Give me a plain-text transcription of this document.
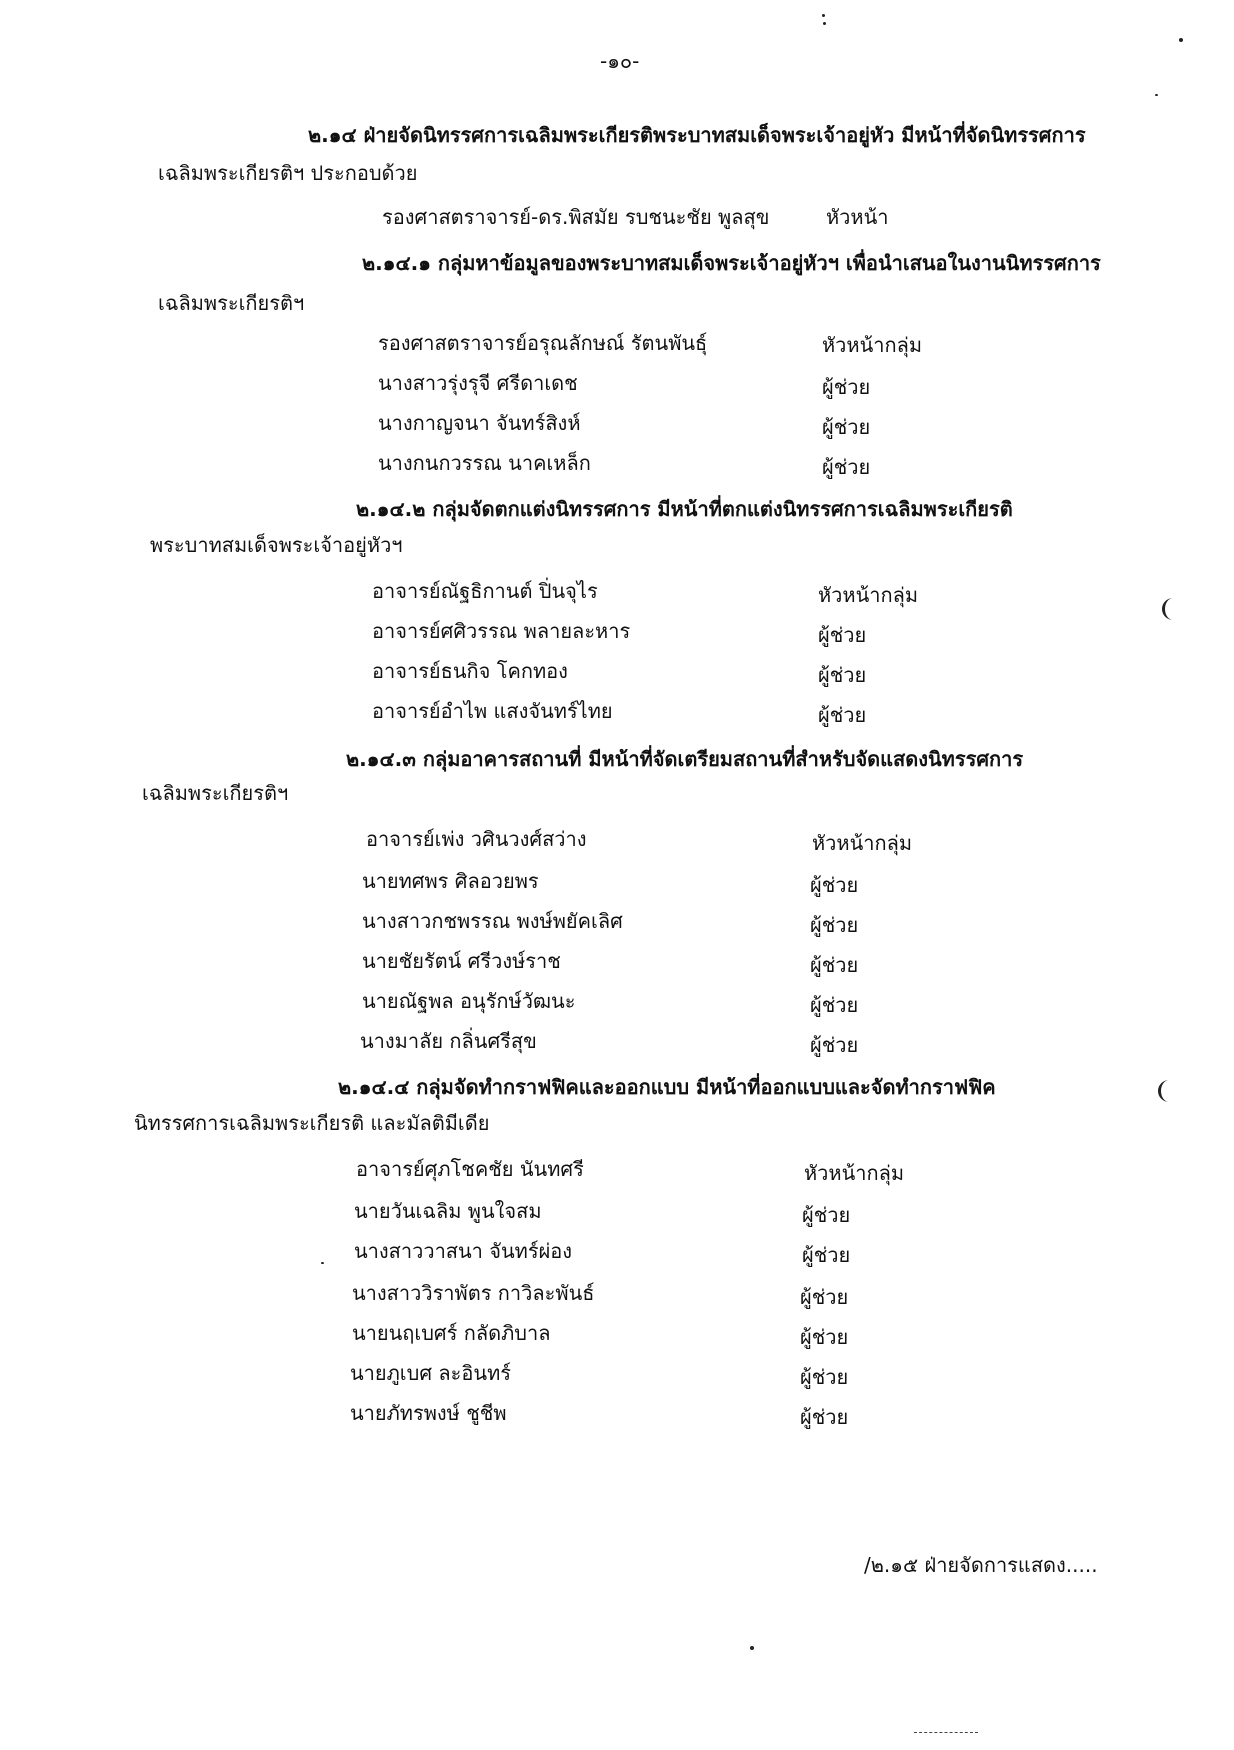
-๑๐-
๒.๑๔ ฝ่ายจัดนิทรรศการเฉลิมพระเกียรติพระบาทสมเด็จพระเจ้าอยู่หัว มีหน้าที่จัดนิทรรศการ
เฉลิมพระเกียรติฯ ประกอบด้วย
รองศาสตราจารย์-ดร.พิสมัย รบชนะชัย พูลสุข	หัวหน้า
๒.๑๔.๑ กลุ่มหาข้อมูลของพระบาทสมเด็จพระเจ้าอยู่หัวฯ เพื่อนำเสนอในงานนิทรรศการ
เฉลิมพระเกียรติฯ
รองศาสตราจารย์อรุณลักษณ์ รัตนพันธุ์	หัวหน้ากลุ่ม
นางสาวรุ่งรุจี ศรีดาเดช	ผู้ช่วย
นางกาญจนา จันทร์สิงห์	ผู้ช่วย
นางกนกวรรณ นาคเหล็ก	ผู้ช่วย
๒.๑๔.๒ กลุ่มจัดตกแต่งนิทรรศการ มีหน้าที่ตกแต่งนิทรรศการเฉลิมพระเกียรติ
พระบาทสมเด็จพระเจ้าอยู่หัวฯ
อาจารย์ณัฐธิกานต์ ปิ่นจุไร	หัวหน้ากลุ่ม
อาจารย์ศศิวรรณ พลายละหาร	ผู้ช่วย
อาจารย์ธนกิจ โคกทอง	ผู้ช่วย
อาจารย์อำไพ แสงจันทร์ไทย	ผู้ช่วย
๒.๑๔.๓ กลุ่มอาคารสถานที่ มีหน้าที่จัดเตรียมสถานที่สำหรับจัดแสดงนิทรรศการ
เฉลิมพระเกียรติฯ
อาจารย์เพ่ง วศินวงศ์สว่าง	หัวหน้ากลุ่ม
นายทศพร ศิลอวยพร	ผู้ช่วย
นางสาวกชพรรณ พงษ์พยัคเลิศ	ผู้ช่วย
นายชัยรัตน์ ศรีวงษ์ราช	ผู้ช่วย
นายณัฐพล อนุรักษ์วัฒนะ	ผู้ช่วย
นางมาลัย กลิ่นศรีสุข	ผู้ช่วย
๒.๑๔.๔ กลุ่มจัดทำกราฟฟิคและออกแบบ มีหน้าที่ออกแบบและจัดทำกราฟฟิค
นิทรรศการเฉลิมพระเกียรติ และมัลติมีเดีย
อาจารย์ศุภโชคชัย นันทศรี	หัวหน้ากลุ่ม
นายวันเฉลิม พูนใจสม	ผู้ช่วย
นางสาววาสนา จันทร์ผ่อง	ผู้ช่วย
นางสาววิราพัตร กาวิละพันธ์	ผู้ช่วย
นายนฤเบศร์ กลัดภิบาล	ผู้ช่วย
นายภูเบศ ละอินทร์	ผู้ช่วย
นายภัทรพงษ์ ชูชีพ	ผู้ช่วย
/๒.๑๕ ฝ่ายจัดการแสดง.....
